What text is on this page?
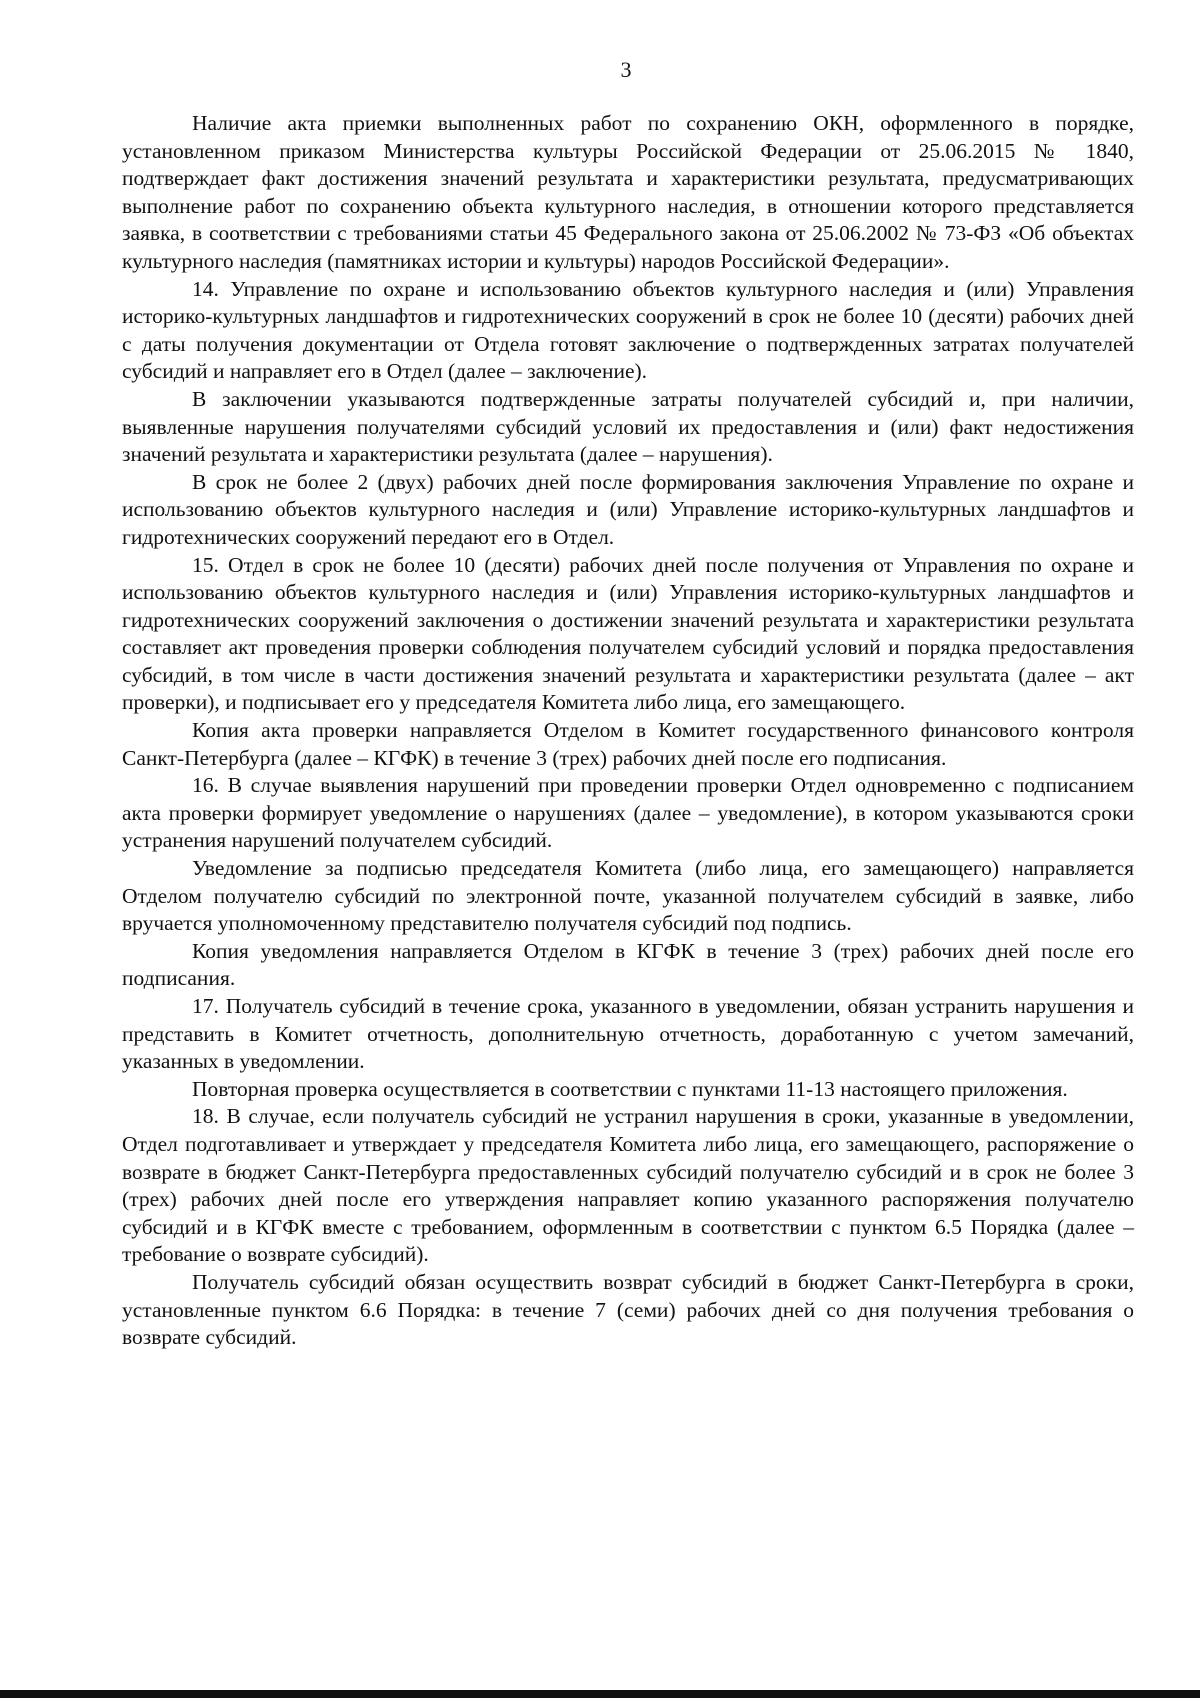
3

Наличие акта приемки выполненных работ по сохранению ОКН, оформленного в порядке, установленном приказом Министерства культуры Российской Федерации от 25.06.2015 № 1840, подтверждает факт достижения значений результата и характеристики результата, предусматривающих выполнение работ по сохранению объекта культурного наследия, в отношении которого представляется заявка, в соответствии с требованиями статьи 45 Федерального закона от 25.06.2002 № 73-ФЗ «Об объектах культурного наследия (памятниках истории и культуры) народов Российской Федерации».

14. Управление по охране и использованию объектов культурного наследия и (или) Управления историко-культурных ландшафтов и гидротехнических сооружений в срок не более 10 (десяти) рабочих дней с даты получения документации от Отдела готовят заключение о подтвержденных затратах получателей субсидий и направляет его в Отдел (далее – заключение).

В заключении указываются подтвержденные затраты получателей субсидий и, при наличии, выявленные нарушения получателями субсидий условий их предоставления и (или) факт недостижения значений результата и характеристики результата (далее – нарушения).

В срок не более 2 (двух) рабочих дней после формирования заключения Управление по охране и использованию объектов культурного наследия и (или) Управление историко-культурных ландшафтов и гидротехнических сооружений передают его в Отдел.

15. Отдел в срок не более 10 (десяти) рабочих дней после получения от Управления по охране и использованию объектов культурного наследия и (или) Управления историко-культурных ландшафтов и гидротехнических сооружений заключения о достижении значений результата и характеристики результата составляет акт проведения проверки соблюдения получателем субсидий условий и порядка предоставления субсидий, в том числе в части достижения значений результата и характеристики результата (далее – акт проверки), и подписывает его у председателя Комитета либо лица, его замещающего.

Копия акта проверки направляется Отделом в Комитет государственного финансового контроля Санкт-Петербурга (далее – КГФК) в течение 3 (трех) рабочих дней после его подписания.

16. В случае выявления нарушений при проведении проверки Отдел одновременно с подписанием акта проверки формирует уведомление о нарушениях (далее – уведомление), в котором указываются сроки устранения нарушений получателем субсидий.

Уведомление за подписью председателя Комитета (либо лица, его замещающего) направляется Отделом получателю субсидий по электронной почте, указанной получателем субсидий в заявке, либо вручается уполномоченному представителю получателя субсидий под подпись.

Копия уведомления направляется Отделом в КГФК в течение 3 (трех) рабочих дней после его подписания.

17. Получатель субсидий в течение срока, указанного в уведомлении, обязан устранить нарушения и представить в Комитет отчетность, дополнительную отчетность, доработанную с учетом замечаний, указанных в уведомлении.

Повторная проверка осуществляется в соответствии с пунктами 11-13 настоящего приложения.

18. В случае, если получатель субсидий не устранил нарушения в сроки, указанные в уведомлении, Отдел подготавливает и утверждает у председателя Комитета либо лица, его замещающего, распоряжение о возврате в бюджет Санкт-Петербурга предоставленных субсидий получателю субсидий и в срок не более 3 (трех) рабочих дней после его утверждения направляет копию указанного распоряжения получателю субсидий и в КГФК вместе с требованием, оформленным в соответствии с пунктом 6.5 Порядка (далее – требование о возврате субсидий).

Получатель субсидий обязан осуществить возврат субсидий в бюджет Санкт-Петербурга в сроки, установленные пунктом 6.6 Порядка: в течение 7 (семи) рабочих дней со дня получения требования о возврате субсидий.
